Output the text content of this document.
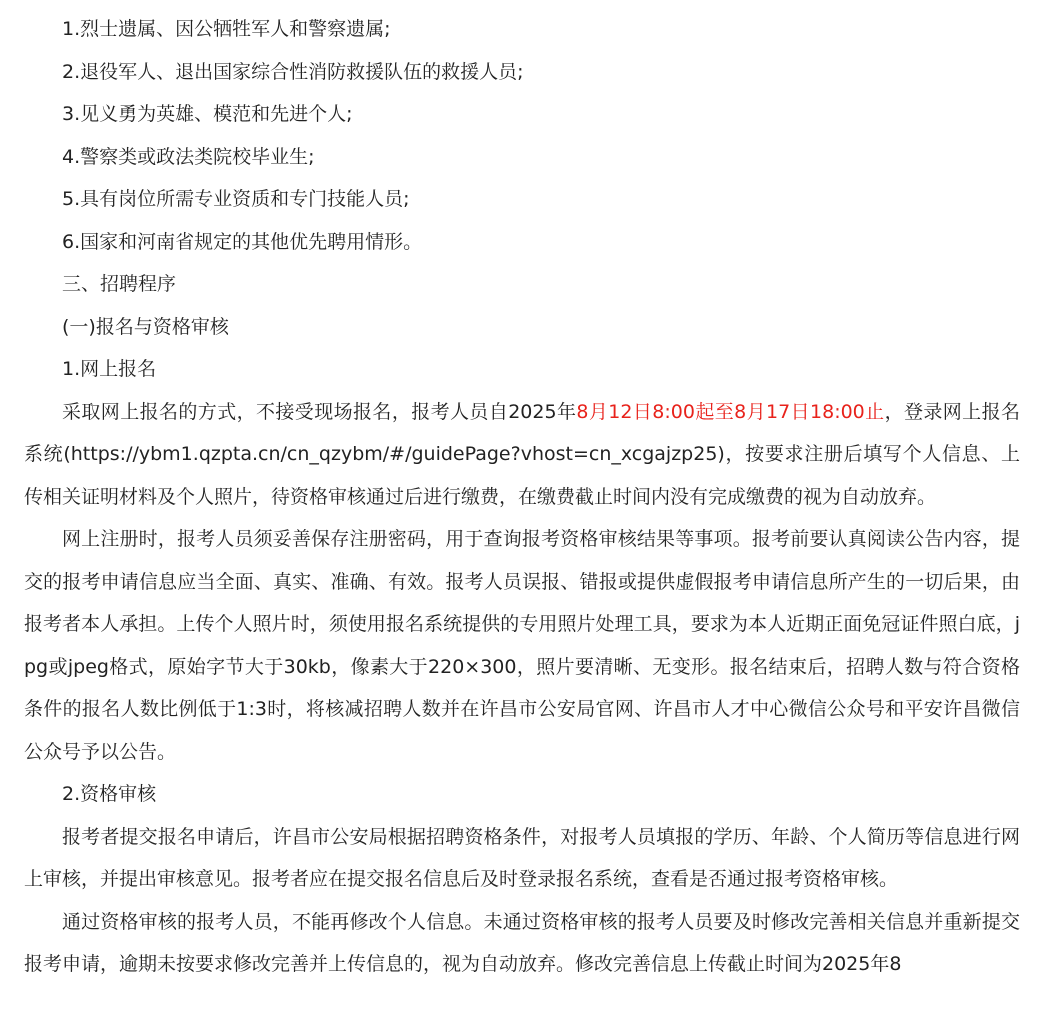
1.烈士遗属、因公牺牲军人和警察遗属;

2.退役军人、退出国家综合性消防救援队伍的救援人员;

3.见义勇为英雄、模范和先进个人;

4.警察类或政法类院校毕业生;

5.具有岗位所需专业资质和专门技能人员;

6.国家和河南省规定的其他优先聘用情形。

三、招聘程序

(一)报名与资格审核

1.网上报名

采取网上报名的方式，不接受现场报名，报考人员自2025年8月12日8:00起至8月17日18:00止，登录网上报名系统(https://ybm1.qzpta.cn/cn_qzybm/#/guidePage?vhost=cn_xcgajzp25)，按要求注册后填写个人信息、上传相关证明材料及个人照片，待资格审核通过后进行缴费，在缴费截止时间内没有完成缴费的视为自动放弃。

网上注册时，报考人员须妥善保存注册密码，用于查询报考资格审核结果等事项。报考前要认真阅读公告内容，提交的报考申请信息应当全面、真实、准确、有效。报考人员误报、错报或提供虚假报考申请信息所产生的一切后果，由报考者本人承担。上传个人照片时，须使用报名系统提供的专用照片处理工具，要求为本人近期正面免冠证件照白底，jpg或jpeg格式，原始字节大于30kb，像素大于220×300，照片要清晰、无变形。报名结束后，招聘人数与符合资格条件的报名人数比例低于1:3时，将核减招聘人数并在许昌市公安局官网、许昌市人才中心微信公众号和平安许昌微信公众号予以公告。

2.资格审核

报考者提交报名申请后，许昌市公安局根据招聘资格条件，对报考人员填报的学历、年龄、个人简历等信息进行网上审核，并提出审核意见。报考者应在提交报名信息后及时登录报名系统，查看是否通过报考资格审核。

通过资格审核的报考人员，不能再修改个人信息。未通过资格审核的报考人员要及时修改完善相关信息并重新提交报考申请，逾期未按要求修改完善并上传信息的，视为自动放弃。修改完善信息上传截止时间为2025年8
